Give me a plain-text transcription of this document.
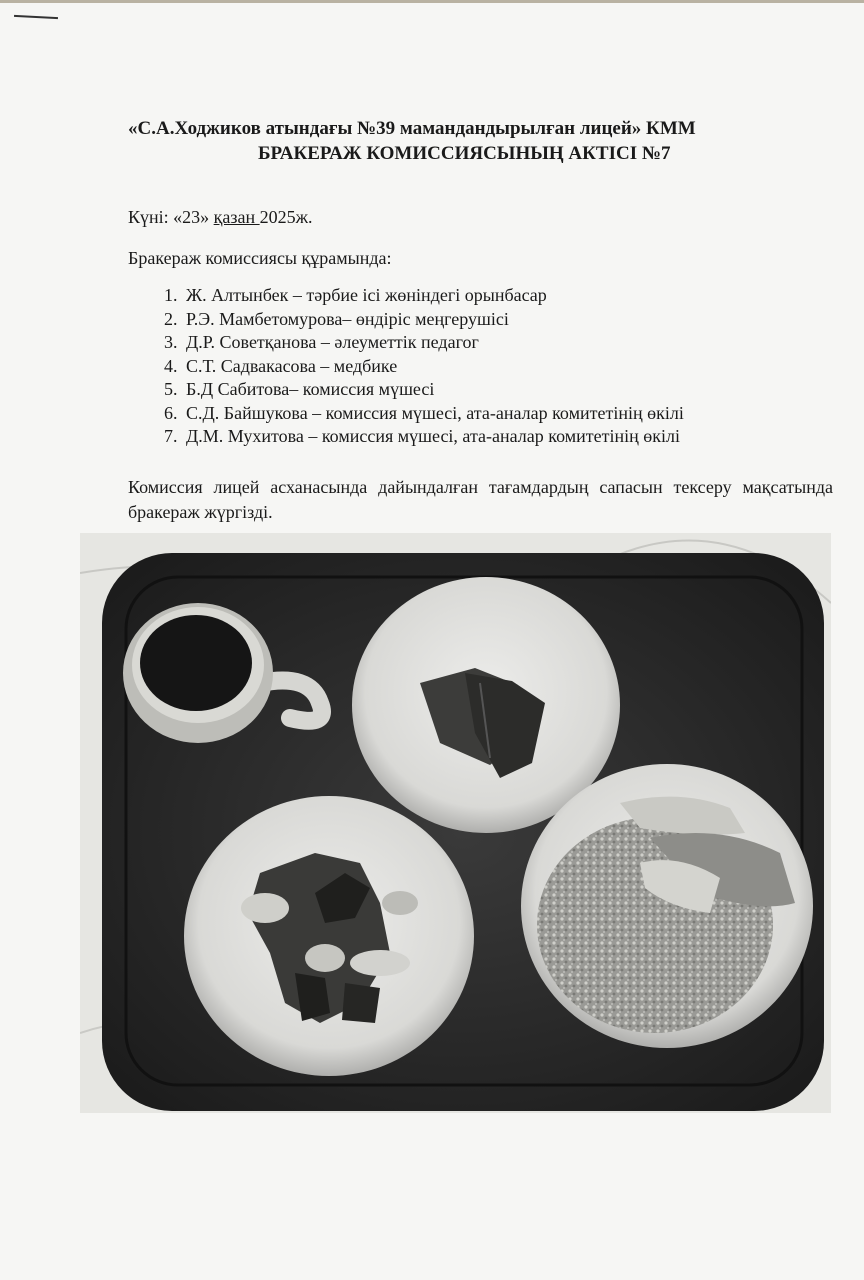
«С.А.Ходжиков атындағы №39 мамандандырылған лицей» КММ
БРАКЕРАЖ КОМИССИЯСЫНЫҢ АКТІСІ №7
Күні: «23» қазан 2025ж.
Бракераж комиссиясы құрамында:
1. Ж. Алтынбек – тәрбие ісі жөніндегі орынбасар
2. Р.Э. Мамбетомурова– өндіріс меңгерушісі
3. Д.Р. Советқанова – әлеуметтік педагог
4. С.Т. Садвакасова – медбике
5. Б.Д Сабитова– комиссия мүшесі
6. С.Д. Байшукова – комиссия мүшесі, ата-аналар комитетінің өкілі
7. Д.М. Мухитова – комиссия мүшесі, ата-аналар комитетінің өкілі
Комиссия лицей асханасында дайындалған тағамдардың сапасын тексеру мақсатында бракераж жүргізді.
